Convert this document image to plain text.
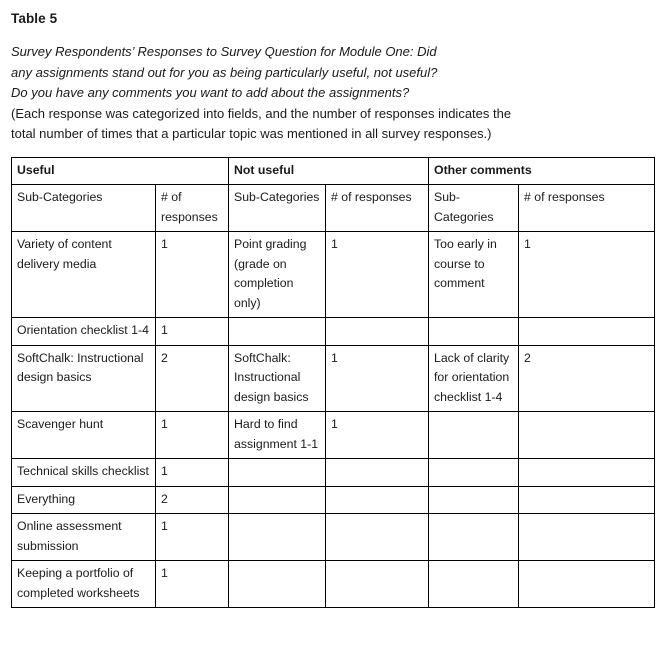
Table 5
Survey Respondents’ Responses to Survey Question for Module One: Did
any assignments stand out for you as being particularly useful, not useful?
Do you have any comments you want to add about the assignments?
(Each response was categorized into fields, and the number of responses indicates the
total number of times that a particular topic was mentioned in all survey responses.)
Useful		Not useful		Other comments	
Sub-Categories	# of responses	Sub-Categories	# of responses	Sub-Categories	# of responses
Variety of content delivery media	1	Point grading (grade on completion only)	1	Too early in course to comment	1
Orientation checklist 1-4	1				
SoftChalk: Instructional design basics	2	SoftChalk: Instructional design basics	1	Lack of clarity for orientation checklist 1-4	2
Scavenger hunt	1	Hard to find assignment 1-1	1		
Technical skills checklist	1				
Everything	2				
Online assessment submission	1				
Keeping a portfolio of completed worksheets	1				
